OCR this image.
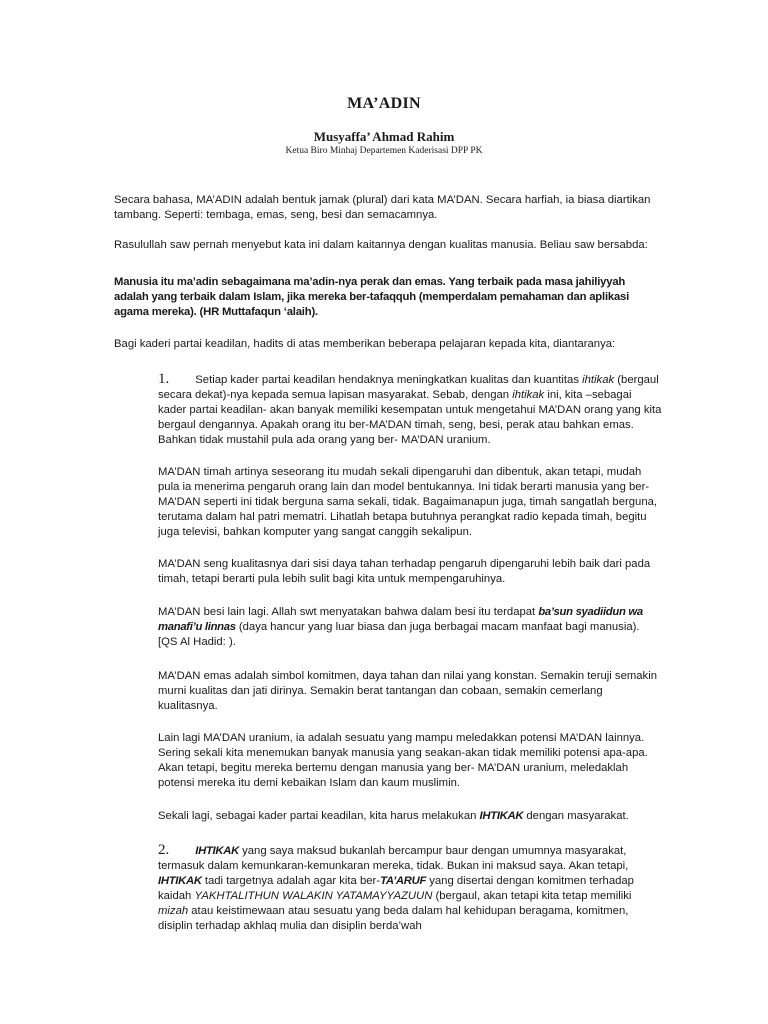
MA’ADIN
Musyaffa’ Ahmad Rahim
Ketua Biro Minhaj Departemen Kaderisasi DPP PK

Secara bahasa, MA’ADIN adalah bentuk jamak (plural) dari kata MA’DAN. Secara harfiah, ia biasa diartikan tambang. Seperti: tembaga, emas, seng, besi dan semacamnya.

Rasulullah saw pernah menyebut kata ini dalam kaitannya dengan kualitas manusia. Beliau saw bersabda:

Manusia itu ma’adin sebagaimana ma’adin-nya perak dan emas. Yang terbaik pada masa jahiliyyah adalah yang terbaik dalam Islam, jika mereka ber-tafaqquh (memperdalam pemahaman dan aplikasi agama mereka). (HR Muttafaqun ‘alaih).

Bagi kaderi partai keadilan, hadits di atas memberikan beberapa pelajaran kepada kita, diantaranya:

1. Setiap kader partai keadilan hendaknya meningkatkan kualitas dan kuantitas ihtikak (bergaul secara dekat)-nya kepada semua lapisan masyarakat. Sebab, dengan ihtikak ini, kita –sebagai kader partai keadilan- akan banyak memiliki kesempatan untuk mengetahui MA’DAN orang yang kita bergaul dengannya. Apakah orang itu ber-MA’DAN timah, seng, besi, perak atau bahkan emas. Bahkan tidak mustahil pula ada orang yang ber- MA’DAN uranium.

MA’DAN timah artinya seseorang itu mudah sekali dipengaruhi dan dibentuk, akan tetapi, mudah pula ia menerima pengaruh orang lain dan model bentukannya. Ini tidak berarti manusia yang ber-MA’DAN seperti ini tidak berguna sama sekali, tidak. Bagaimanapun juga, timah sangatlah berguna, terutama dalam hal patri mematri. Lihatlah betapa butuhnya perangkat radio kepada timah, begitu juga televisi, bahkan komputer yang sangat canggih sekalipun.

MA’DAN seng kualitasnya dari sisi daya tahan terhadap pengaruh dipengaruhi lebih baik dari pada timah, tetapi berarti pula lebih sulit bagi kita untuk mempengaruhinya.

MA’DAN besi lain lagi. Allah swt menyatakan bahwa dalam besi itu terdapat ba’sun syadiidun wa manafi’u linnas (daya hancur yang luar biasa dan juga berbagai macam manfaat bagi manusia). [QS Al Hadid: ).

MA’DAN emas adalah simbol komitmen, daya tahan dan nilai yang konstan. Semakin teruji semakin murni kualitas dan jati dirinya. Semakin berat tantangan dan cobaan, semakin cemerlang kualitasnya.

Lain lagi MA’DAN uranium, ia adalah sesuatu yang mampu meledakkan potensi MA’DAN lainnya. Sering sekali kita menemukan banyak manusia yang seakan-akan tidak memiliki potensi apa-apa. Akan tetapi, begitu mereka bertemu dengan manusia yang ber- MA’DAN uranium, meledaklah potensi mereka itu demi kebaikan Islam dan kaum muslimin.

Sekali lagi, sebagai kader partai keadilan, kita harus melakukan IHTIKAK dengan masyarakat.

2. IHTIKAK yang saya maksud bukanlah bercampur baur dengan umumnya masyarakat, termasuk dalam kemunkaran-kemunkaran mereka, tidak. Bukan ini maksud saya. Akan tetapi, IHTIKAK tadi targetnya adalah agar kita ber-TA’ARUF yang disertai dengan komitmen terhadap kaidah YAKHTALITHUN WALAKIN YATAMAYYAZUUN (bergaul, akan tetapi kita tetap memiliki mizah atau keistimewaan atau sesuatu yang beda dalam hal kehidupan beragama, komitmen, disiplin terhadap akhlaq mulia dan disiplin berda’wah
